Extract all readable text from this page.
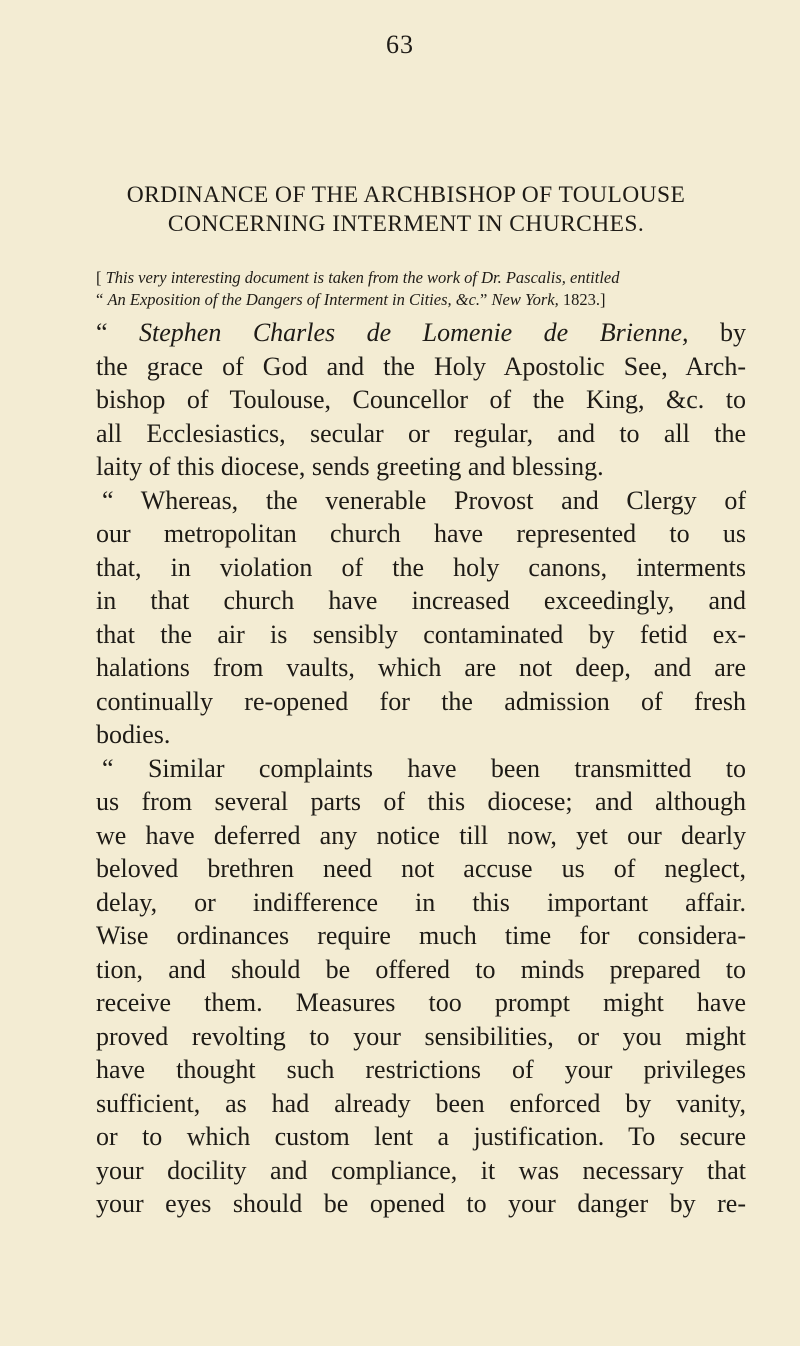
63
ORDINANCE OF THE ARCHBISHOP OF TOULOUSE
CONCERNING INTERMENT IN CHURCHES.
[ This very interesting document is taken from the work of Dr. Pascalis, entitled
“ An Exposition of the Dangers of Interment in Cities, &c.” New York, 1823.]
“ Stephen Charles de Lomenie de Brienne, by
the grace of God and the Holy Apostolic See, Arch-
bishop of Toulouse, Councellor of the King, &c. to
all Ecclesiastics, secular or regular, and to all the
laity of this diocese, sends greeting and blessing.
“ Whereas, the venerable Provost and Clergy of
our metropolitan church have represented to us
that, in violation of the holy canons, interments
in that church have increased exceedingly, and
that the air is sensibly contaminated by fetid ex-
halations from vaults, which are not deep, and are
continually re-opened for the admission of fresh
bodies.
“ Similar complaints have been transmitted to
us from several parts of this diocese; and although
we have deferred any notice till now, yet our dearly
beloved brethren need not accuse us of neglect,
delay, or indifference in this important affair.
Wise ordinances require much time for considera-
tion, and should be offered to minds prepared to
receive them. Measures too prompt might have
proved revolting to your sensibilities, or you might
have thought such restrictions of your privileges
sufficient, as had already been enforced by vanity,
or to which custom lent a justification. To secure
your docility and compliance, it was necessary that
your eyes should be opened to your danger by re-
